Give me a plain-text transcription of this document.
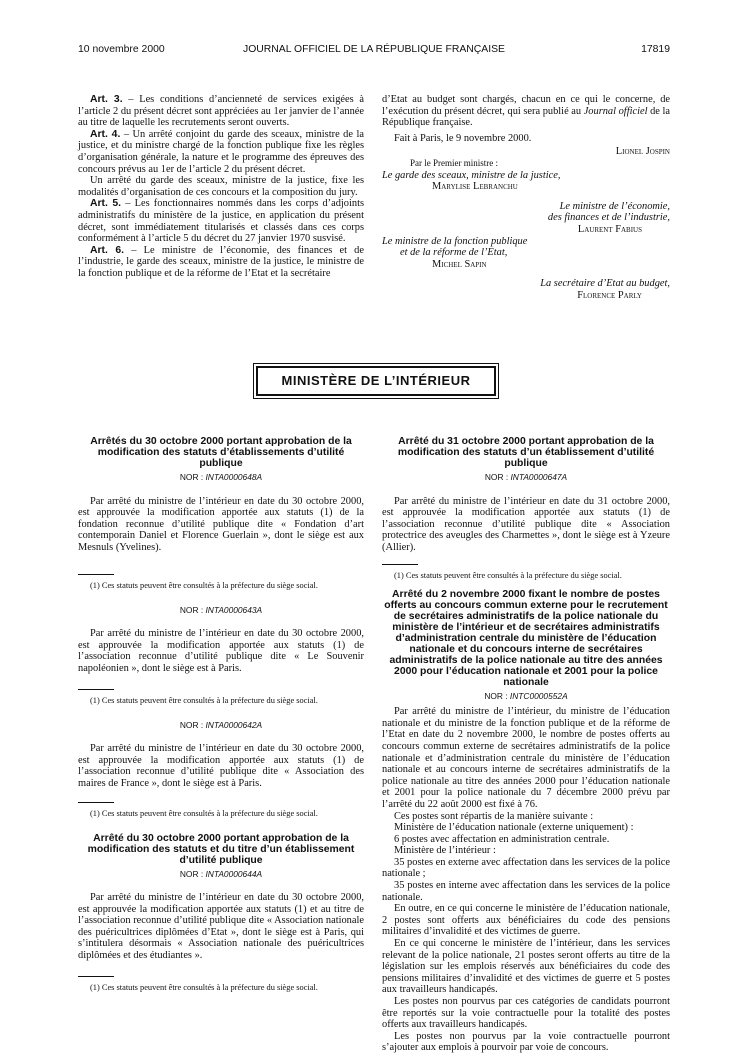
10 novembre 2000	JOURNAL OFFICIEL DE LA RÉPUBLIQUE FRANÇAISE	17819

Art. 3. – Les conditions d’ancienneté de services exigées à l’article 2 du présent décret sont appréciées au 1er janvier de l’année au titre de laquelle les recrutements seront ouverts.

Art. 4. – Un arrêté conjoint du garde des sceaux, ministre de la justice, et du ministre chargé de la fonction publique fixe les règles d’organisation générale, la nature et le programme des épreuves des concours prévus au 1er de l’article 2 du présent décret.

Un arrêté du garde des sceaux, ministre de la justice, fixe les modalités d’organisation de ces concours et la composition du jury.

Art. 5. – Les fonctionnaires nommés dans les corps d’adjoints administratifs du ministère de la justice, en application du présent décret, sont immédiatement titularisés et classés dans ces corps conformément à l’article 5 du décret du 27 janvier 1970 susvisé.

Art. 6. – Le ministre de l’économie, des finances et de l’industrie, le garde des sceaux, ministre de la justice, le ministre de la fonction publique et de la réforme de l’Etat et la secrétaire

d’Etat au budget sont chargés, chacun en ce qui le concerne, de l’exécution du présent décret, qui sera publié au Journal officiel de la République française.

Fait à Paris, le 9 novembre 2000.

Lionel Jospin
Par le Premier ministre :
Le garde des sceaux, ministre de la justice,
Marylise Lebranchu
Le ministre de l’économie,
des finances et de l’industrie,
Laurent Fabius
Le ministre de la fonction publique
et de la réforme de l’Etat,
Michel Sapin
La secrétaire d’Etat au budget,
Florence Parly
MINISTÈRE DE L’INTÉRIEUR
Arrêtés du 30 octobre 2000 portant approbation de la modification des statuts d’établissements d’utilité publique
NOR : INTA0000648A

Par arrêté du ministre de l’intérieur en date du 30 octobre 2000, est approuvée la modification apportée aux statuts (1) de la fondation reconnue d’utilité publique dite « Fondation d’art contemporain Daniel et Florence Guerlain », dont le siège est aux Mesnuls (Yvelines).

(1) Ces statuts peuvent être consultés à la préfecture du siège social.

NOR : INTA0000643A

Par arrêté du ministre de l’intérieur en date du 30 octobre 2000, est approuvée la modification apportée aux statuts (1) de l’association reconnue d’utilité publique dite « Le Souvenir napoléonien », dont le siège est à Paris.

(1) Ces statuts peuvent être consultés à la préfecture du siège social.

NOR : INTA0000642A

Par arrêté du ministre de l’intérieur en date du 30 octobre 2000, est approuvée la modification apportée aux statuts (1) de l’association reconnue d’utilité publique dite « Association des maires de France », dont le siège est à Paris.

(1) Ces statuts peuvent être consultés à la préfecture du siège social.

Arrêté du 30 octobre 2000 portant approbation de la modification des statuts et du titre d’un établissement d’utilité publique
NOR : INTA0000644A

Par arrêté du ministre de l’intérieur en date du 30 octobre 2000, est approuvée la modification apportée aux statuts (1) et au titre de l’association reconnue d’utilité publique dite « Association nationale des puéricultrices diplômées d’Etat », dont le siège est à Paris, qui s’intitulera désormais « Association nationale des puéricultrices diplômées et des étudiantes ».

(1) Ces statuts peuvent être consultés à la préfecture du siège social.

Arrêté du 31 octobre 2000 portant approbation de la modification des statuts d’un établissement d’utilité publique
NOR : INTA0000647A

Par arrêté du ministre de l’intérieur en date du 31 octobre 2000, est approuvée la modification apportée aux statuts (1) de l’association reconnue d’utilité publique dite « Association protectrice des aveugles des Charmettes », dont le siège est à Yzeure (Allier).

(1) Ces statuts peuvent être consultés à la préfecture du siège social.

Arrêté du 2 novembre 2000 fixant le nombre de postes offerts au concours commun externe pour le recrutement de secrétaires administratifs de la police nationale du ministère de l’intérieur et de secrétaires administratifs d’administration centrale du ministère de l’éducation nationale et du concours interne de secrétaires administratifs de la police nationale au titre des années 2000 pour l’éducation nationale et 2001 pour la police nationale
NOR : INTC0000552A

Par arrêté du ministre de l’intérieur, du ministre de l’éducation nationale et du ministre de la fonction publique et de la réforme de l’Etat en date du 2 novembre 2000, le nombre de postes offerts au concours commun externe de secrétaires administratifs de la police nationale et d’administration centrale du ministère de l’éducation nationale et au concours interne de secrétaires administratifs de la police nationale au titre des années 2000 pour l’éducation nationale et 2001 pour la police nationale du 7 décembre 2000 prévu par l’arrêté du 22 août 2000 est fixé à 76.

Ces postes sont répartis de la manière suivante :

Ministère de l’éducation nationale (externe uniquement) :

6 postes avec affectation en administration centrale.

Ministère de l’intérieur :

35 postes en externe avec affectation dans les services de la police nationale ;

35 postes en interne avec affectation dans les services de la police nationale.

En outre, en ce qui concerne le ministère de l’éducation nationale, 2 postes sont offerts aux bénéficiaires du code des pensions militaires d’invalidité et des victimes de guerre.

En ce qui concerne le ministère de l’intérieur, dans les services relevant de la police nationale, 21 postes seront offerts au titre de la législation sur les emplois réservés aux bénéficiaires du code des pensions militaires d’invalidité et des victimes de guerre et 5 postes aux travailleurs handicapés.

Les postes non pourvus par ces catégories de candidats pourront être reportés sur la voie contractuelle pour la totalité des postes offerts aux travailleurs handicapés.

Les postes non pourvus par la voie contractuelle pourront s’ajouter aux emplois à pourvoir par voie de concours.
